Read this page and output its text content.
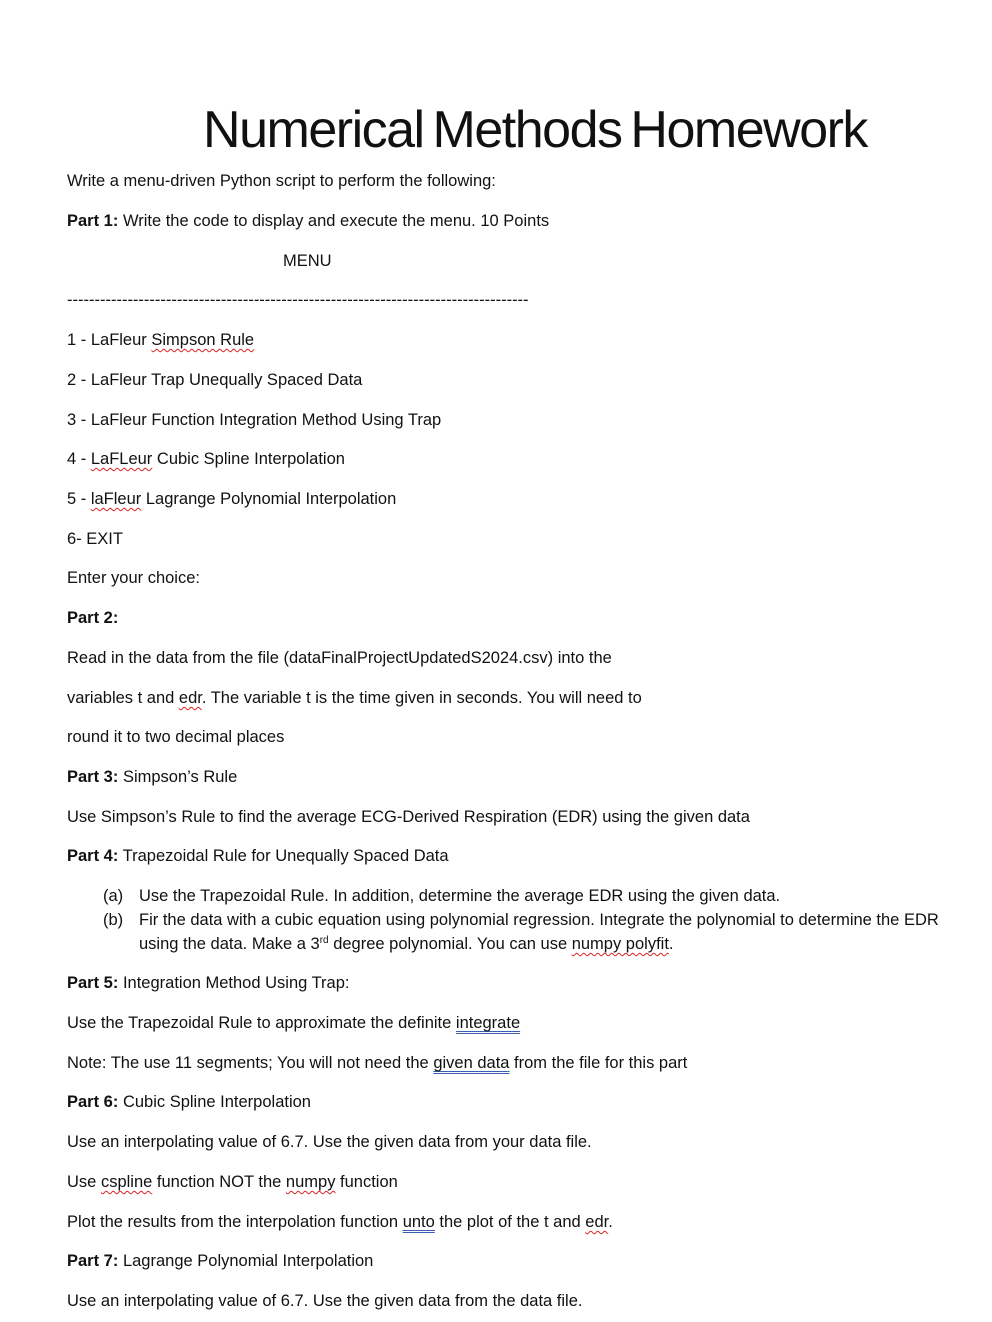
Numerical Methods Homework
Write a menu-driven Python script to perform the following:
Part 1: Write the code to display and execute the menu. 10 Points
MENU
------------------------------------------------------------------------------------
1 - LaFleur Simpson Rule
2 - LaFleur Trap Unequally Spaced Data
3 - LaFleur Function Integration Method Using Trap
4 - LaFLeur Cubic Spline Interpolation
5 - laFleur Lagrange Polynomial Interpolation
6- EXIT
Enter your choice:
Part 2:
Read in the data from the file (dataFinalProjectUpdatedS2024.csv) into the
variables t and edr. The variable t is the time given in seconds. You will need to
round it to two decimal places
Part 3: Simpson’s Rule
Use Simpson’s Rule to find the average ECG-Derived Respiration (EDR) using the given data
Part 4: Trapezoidal Rule for Unequally Spaced Data
(a) Use the Trapezoidal Rule. In addition, determine the average EDR using the given data.
(b) Fir the data with a cubic equation using polynomial regression. Integrate the polynomial to determine the EDR
using the data. Make a 3rd degree polynomial. You can use numpy polyfit.
Part 5: Integration Method Using Trap:
Use the Trapezoidal Rule to approximate the definite integrate
Note: The use 11 segments; You will not need the given data from the file for this part
Part 6: Cubic Spline Interpolation
Use an interpolating value of 6.7. Use the given data from your data file.
Use cspline function NOT the numpy function
Plot the results from the interpolation function unto the plot of the t and edr.
Part 7: Lagrange Polynomial Interpolation
Use an interpolating value of 6.7. Use the given data from the data file.
